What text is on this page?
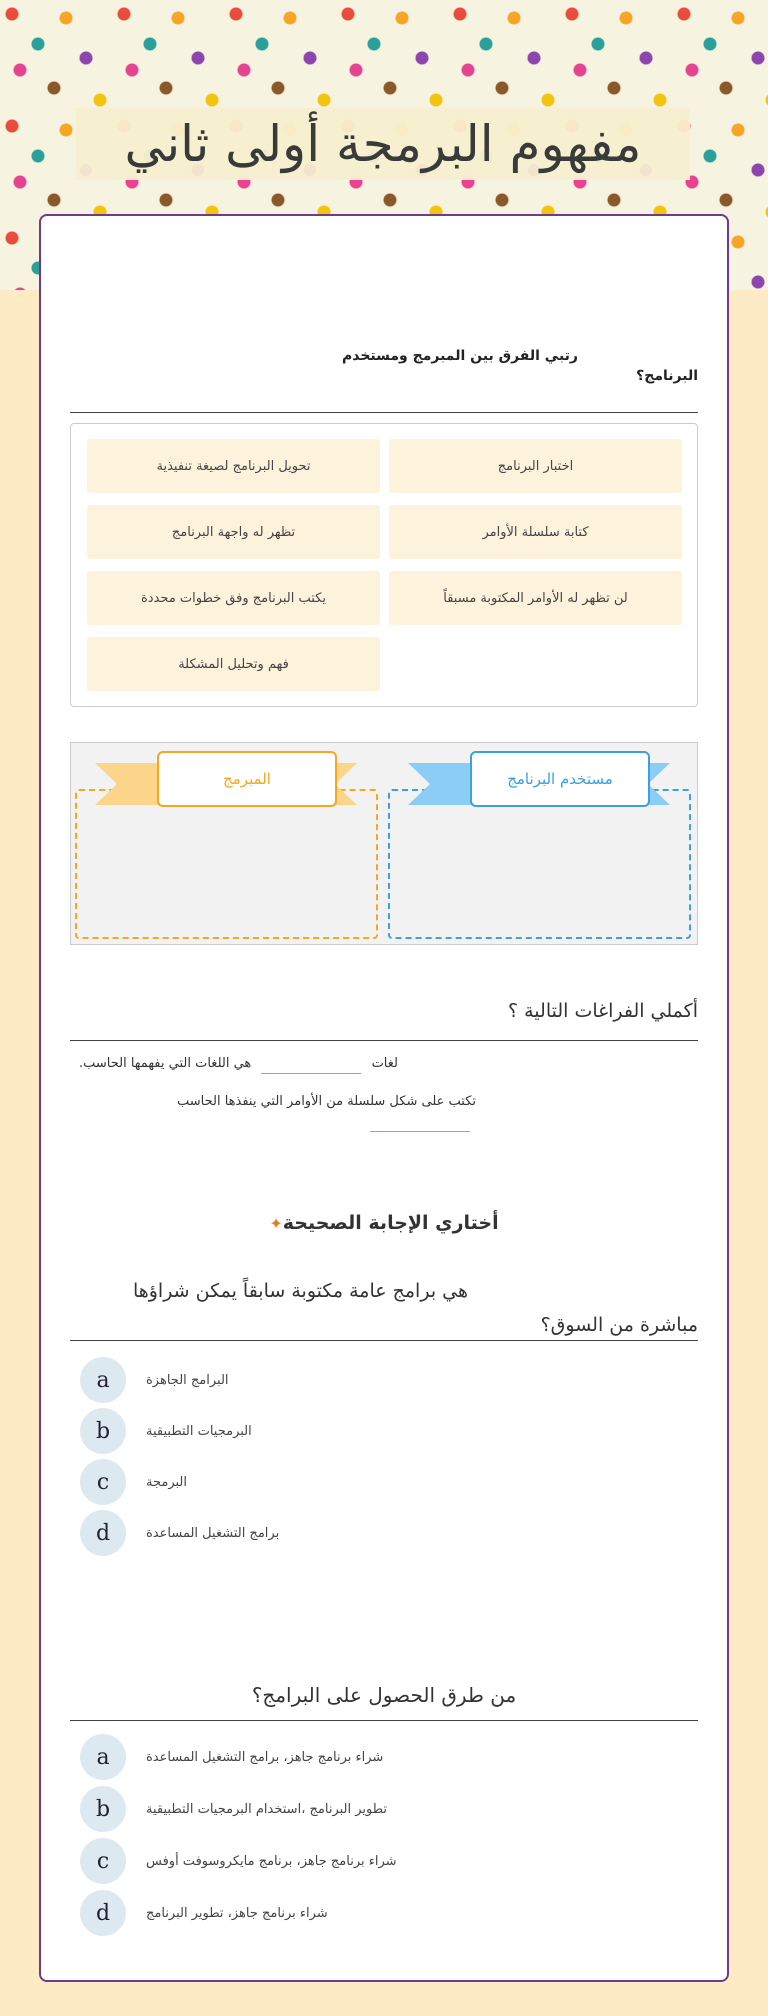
مفهوم البرمجة أولى ثاني
رتبي الفرق بين المبرمج ومستخدم
البرنامج؟
تحويل البرنامج لصيغة تنفيذية	اختبار البرنامج
تظهر له واجهة البرنامج	كتابة سلسلة الأوامر
يكتب البرنامج وفق خطوات محددة	لن تظهر له الأوامر المكتوبة مسبقاً
فهم وتحليل المشكلة
المبرمج	مستخدم البرنامج
أكملي الفراغات التالية ؟
لغات  هي اللغات التي يفهمها الحاسب.
تكتب على شكل سلسلة من الأوامر التي ينفذها الحاسب
أختاري الإجابة الصحيحة✦
هي برامج عامة مكتوبة سابقاً يمكن شراؤها
مباشرة من السوق؟
a	البرامج الجاهزة
b	البرمجيات التطبيقية
c	البرمجة
d	برامج التشغيل المساعدة
من طرق الحصول على البرامج؟
a	شراء برنامج جاهز، برامج التشغيل المساعدة
b	تطوير البرنامج ،استخدام البرمجيات التطبيقية
c	شراء برنامج جاهز، برنامج مايكروسوفت أوفس
d	شراء برنامج جاهز، تطوير البرنامج
